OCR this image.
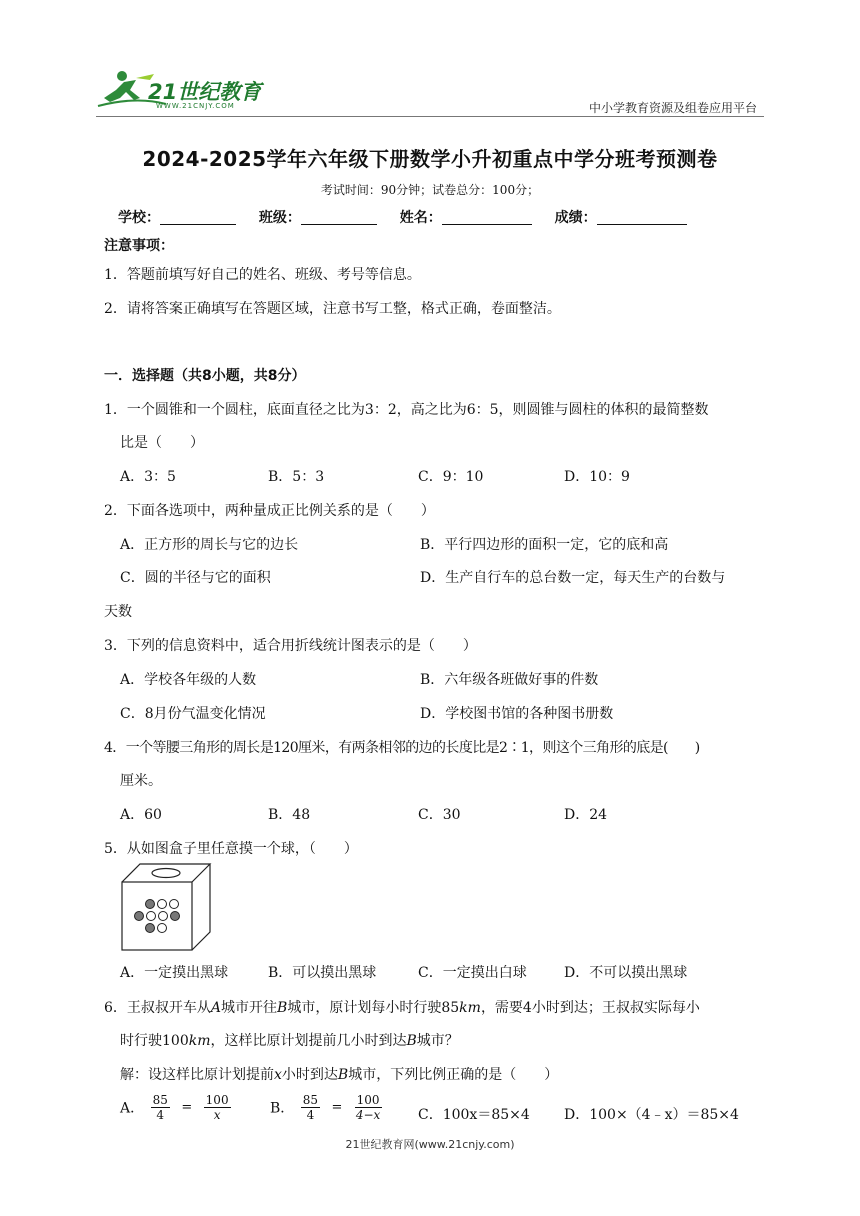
21世纪教育
WWW.21CNJY.COM	中小学教育资源及组卷应用平台
2024-2025学年六年级下册数学小升初重点中学分班考预测卷
考试时间：90分钟；试卷总分：100分；
学校：	班级：	姓名：	成绩：
注意事项：
1．答题前填写好自己的姓名、班级、考号等信息。
2．请将答案正确填写在答题区域，注意书写工整，格式正确，卷面整洁。
一．选择题（共8小题，共8分）
1．一个圆锥和一个圆柱，底面直径之比为3：2，高之比为6：5，则圆锥与圆柱的体积的最简整数
比是（　　）
A．3：5	B．5：3	C．9：10	D．10：9
2．下面各选项中，两种量成正比例关系的是（　　）
A．正方形的周长与它的边长	B．平行四边形的面积一定，它的底和高
C．圆的半径与它的面积	D．生产自行车的总台数一定，每天生产的台数与
天数
3．下列的信息资料中，适合用折线统计图表示的是（　　）
A．学校各年级的人数	B．六年级各班做好事的件数
C．8月份气温变化情况	D．学校图书馆的各种图书册数
4．一个等腰三角形的周长是120厘米，有两条相邻的边的长度比是2∶1，则这个三角形的底是(　　)
厘米。
A．60	B．48	C．30	D．24
5．从如图盒子里任意摸一个球，（　　）
A．一定摸出黑球	B．可以摸出黑球	C．一定摸出白球	D．不可以摸出黑球
6．王叔叔开车从A城市开往B城市，原计划每小时行驶85km，需要4小时到达；王叔叔实际每小
时行驶100km，这样比原计划提前几小时到达B城市？
解：设这样比原计划提前x小时到达B城市，下列比例正确的是（　　）
A． $\frac{85}{4} = \frac{100}{x}$	B． $\frac{85}{4} = \frac{100}{4-x}$	C．100x＝85×4 D．100×（4﹣x）＝85×4
21世纪教育网(www.21cnjy.com)
